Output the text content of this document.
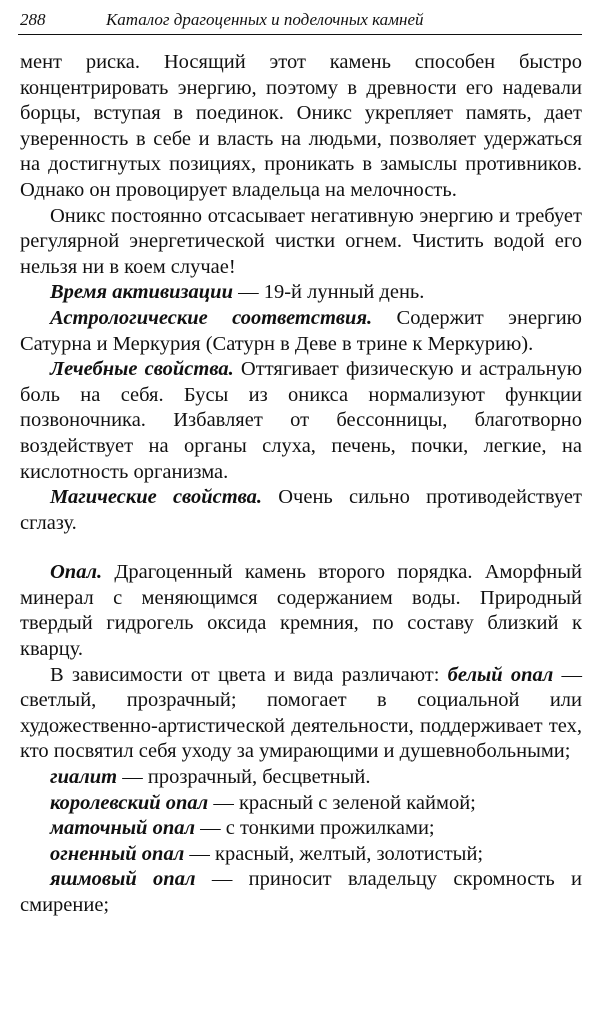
288	Каталог драгоценных и поделочных камней

мент риска. Носящий этот камень способен быстро концентрировать энергию, поэтому в древности его надевали борцы, вступая в поединок. Оникс укрепляет память, дает уверенность в себе и власть на людьми, позволяет удержаться на достигнутых позициях, проникать в замыслы противников. Однако он провоцирует владельца на мелочность.

Оникс постоянно отсасывает негативную энергию и требует регулярной энергетической чистки огнем. Чистить водой его нельзя ни в коем случае!

Время активизации — 19-й лунный день.

Астрологические соответствия. Содержит энергию Сатурна и Меркурия (Сатурн в Деве в трине к Меркурию).

Лечебные свойства. Оттягивает физическую и астральную боль на себя. Бусы из оникса нормализуют функции позвоночника. Избавляет от бессонницы, благотворно воздействует на органы слуха, печень, почки, легкие, на кислотность организма.

Магические свойства. Очень сильно противодействует сглазу.

Опал. Драгоценный камень второго порядка. Аморфный минерал с меняющимся содержанием воды. Природный твердый гидрогель оксида кремния, по составу близкий к кварцу.

В зависимости от цвета и вида различают: белый опал — светлый, прозрачный; помогает в социальной или художественно-артистической деятельности, поддерживает тех, кто посвятил себя уходу за умирающими и душевнобольными;

гиалит — прозрачный, бесцветный.

королевский опал — красный с зеленой каймой;

маточный опал — с тонкими прожилками;

огненный опал — красный, желтый, золотистый;

яшмовый опал — приносит владельцу скромность и смирение;
